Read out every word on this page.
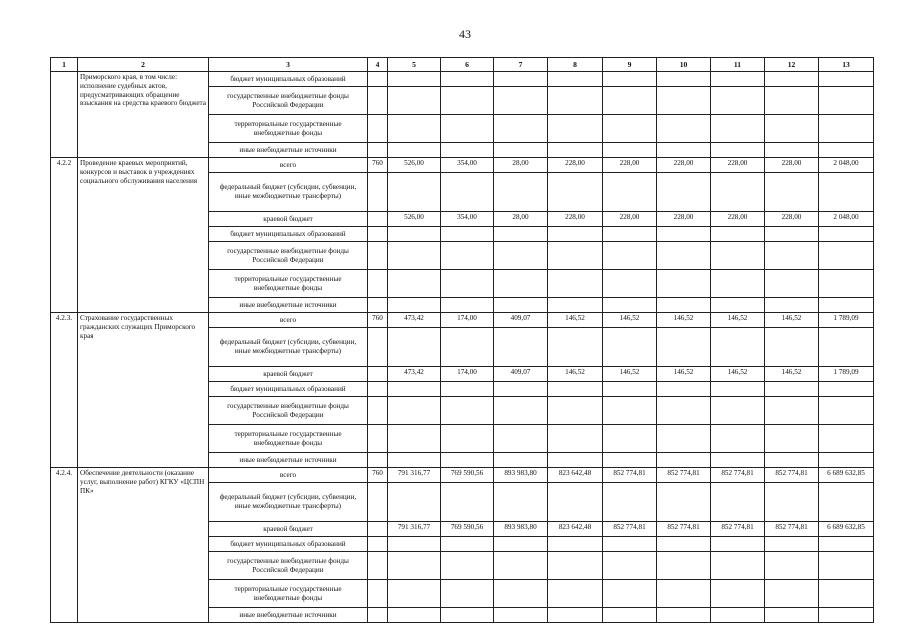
43
1	2	3	4	5	6	7	8	9	10	11	12	13
	Приморского края, в том числе: исполнение судебных актов, предусматривающих обращение взыскания на средства краевого бюджета	бюджет муниципальных образований										
		государственные внебюджетные фонды Российской Федерации										
		территориальные государственные внебюджетные фонды										
		иные внебюджетные источники										
4.2.2	Проведение краевых мероприятий, конкурсов и выставок в учреждениях социального обслуживания населения	всего	760	526,00	354,00	28,00	228,00	228,00	228,00	228,00	228,00	2 048,00
		федеральный бюджет (субсидии, субвенции, иные межбюджетные трансферты)										
		краевой бюджет		526,00	354,00	28,00	228,00	228,00	228,00	228,00	228,00	2 048,00
		бюджет муниципальных образований										
		государственные внебюджетные фонды Российской Федерации										
		территориальные государственные внебюджетные фонды										
		иные внебюджетные источники										
4.2.3.	Страхование государственных гражданских служащих Приморского края	всего	760	473,42	174,00	409,07	146,52	146,52	146,52	146,52	146,52	1 789,09
		федеральный бюджет (субсидии, субвенции, иные межбюджетные трансферты)										
		краевой бюджет		473,42	174,00	409,07	146,52	146,52	146,52	146,52	146,52	1 789,09
		бюджет муниципальных образований										
		государственные внебюджетные фонды Российской Федерации										
		территориальные государственные внебюджетные фонды										
		иные внебюджетные источники										
4.2.4.	Обеспечение деятельности (оказание услуг, выполнение работ) КГКУ «ЦСПН ПК»	всего	760	791 316,77	769 590,56	893 983,80	823 642,48	852 774,81	852 774,81	852 774,81	852 774,81	6 689 632,85
		федеральный бюджет (субсидии, субвенции, иные межбюджетные трансферты)										
		краевой бюджет		791 316,77	769 590,56	893 983,80	823 642,48	852 774,81	852 774,81	852 774,81	852 774,81	6 689 632,85
		бюджет муниципальных образований										
		государственные внебюджетные фонды Российской Федерации										
		территориальные государственные внебюджетные фонды										
		иные внебюджетные источники										
